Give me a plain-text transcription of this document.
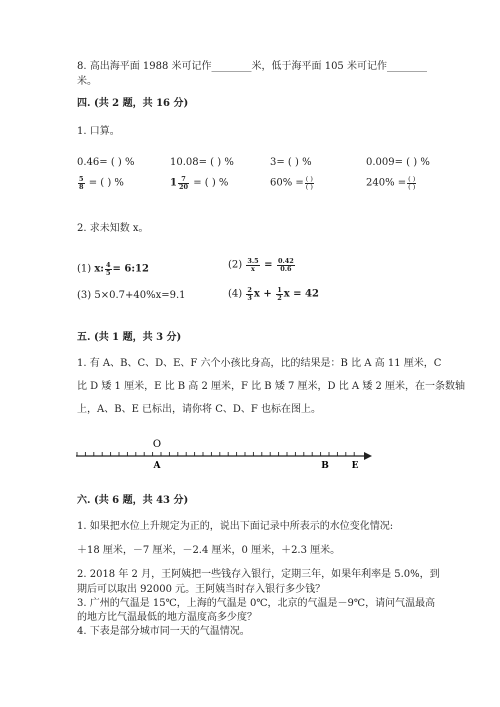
8. 高出海平面 1988 米可记作________米，低于海平面 105 米可记作________
米。
四. (共 2 题，共 16 分)
1. 口算。
0.46= ( ) %	10.08= ( ) %	3= ( ) %	0.009= ( ) %
$\frac{5}{8}$ = ( ) %	$1 \frac{7}{20}$ = ( ) %	$60\% = \frac{( )}{( )}$	$240\% = \frac{( )}{( )}$
2. 求未知数 x。
(1) x: $\frac{4}{5}$ = 6:12	$(2) \frac{3.5}{x} = \frac{0.42}{0.6}$
(3) 5×0.7+40%x=9.1	$(4) \frac{2}{3}$ $x + \frac{1}{2}$ x = 42
五. (共 1 题，共 3 分)
1. 有 A、B、C、D、E、F 六个小孩比身高，比的结果是：B 比 A 高 11 厘米，C
比 D 矮 1 厘米，E 比 B 高 2 厘米，F 比 B 矮 7 厘米，D 比 A 矮 2 厘米，在一条数轴
上，A、B、E 已标出，请你将 C、D、F 也标在图上。
O
A	B	E
六. (共 6 题，共 43 分)
1. 如果把水位上升规定为正的，说出下面记录中所表示的水位变化情况:
＋18 厘米，－7 厘米，－2.4 厘米，0 厘米，＋2.3 厘米。
2. 2018 年 2 月，王阿姨把一些钱存入银行，定期三年，如果年利率是 5.0%，到
期后可以取出 92000 元。王阿姨当时存入银行多少钱？
3. 广州的气温是 15℃，上海的气温是 0℃，北京的气温是－9℃，请问气温最高
的地方比气温最低的地方温度高多少度？
4. 下表是部分城市同一天的气温情况。
